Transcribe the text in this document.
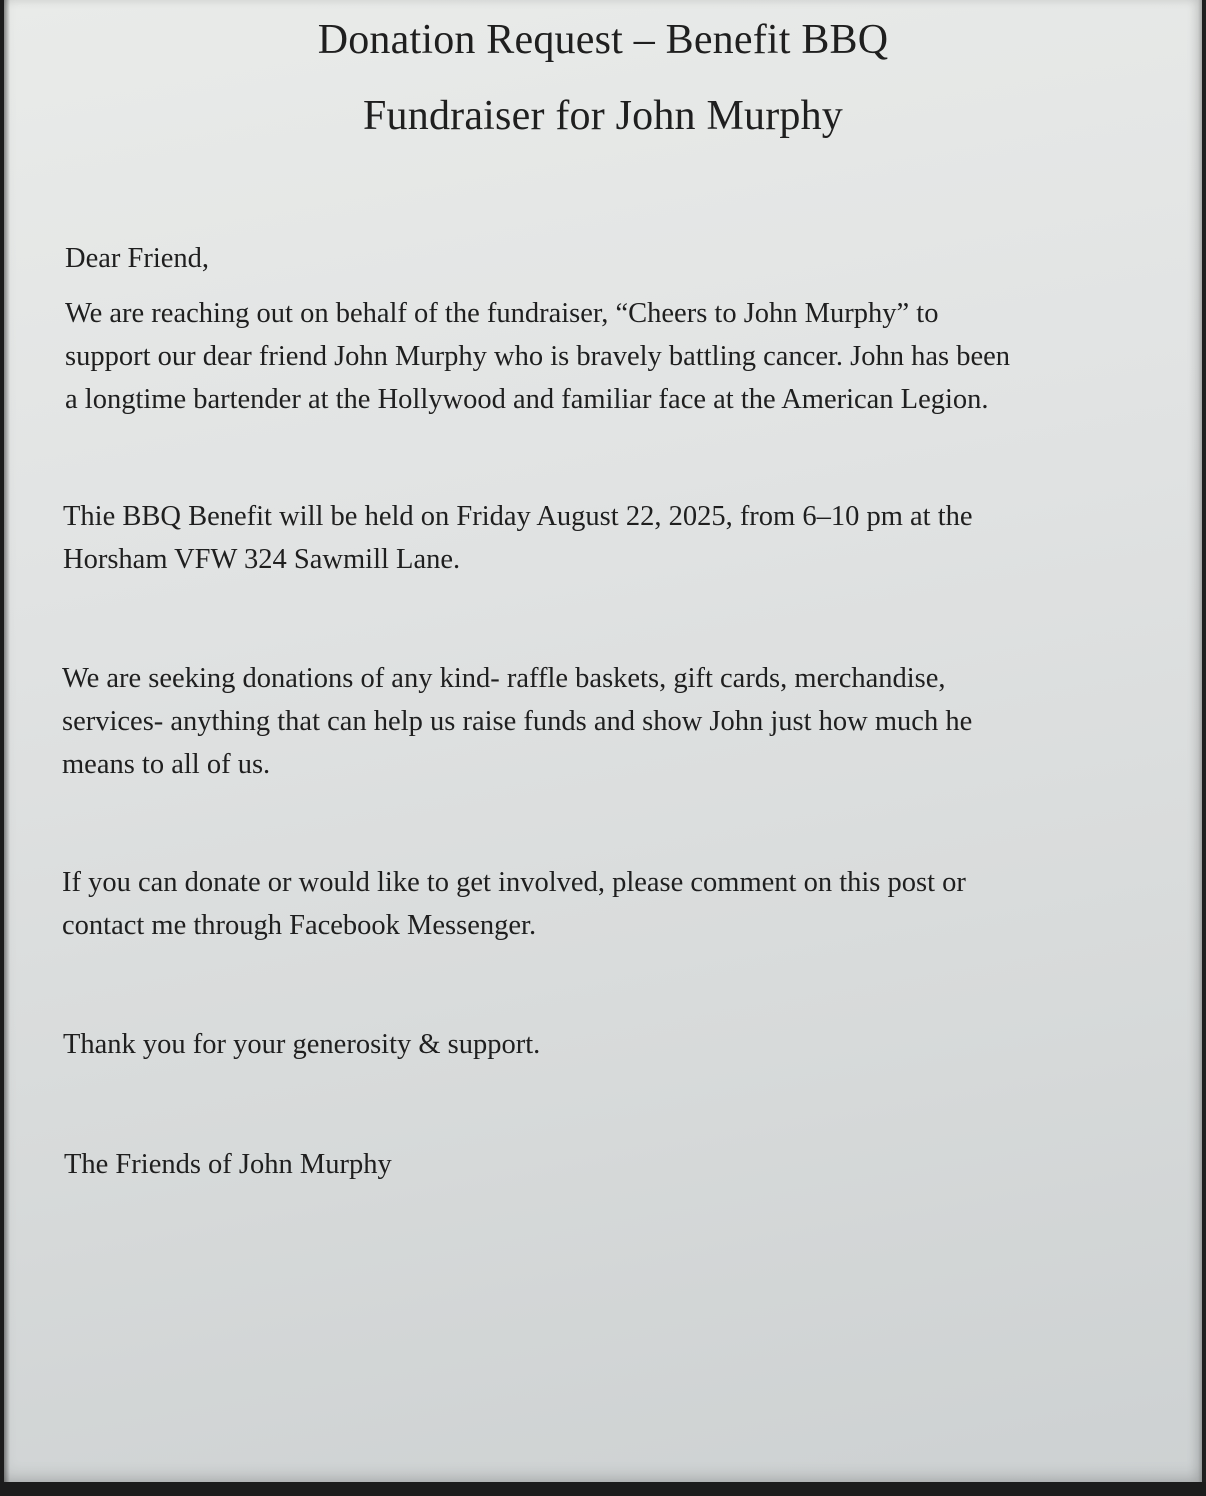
Donation Request – Benefit BBQ
Fundraiser for John Murphy
Dear Friend,
We are reaching out on behalf of the fundraiser, “Cheers to John Murphy” to
support our dear friend John Murphy who is bravely battling cancer. John has been
a longtime bartender at the Hollywood and familiar face at the American Legion.
Thie BBQ Benefit will be held on Friday August 22, 2025, from 6–10 pm at the
Horsham VFW 324 Sawmill Lane.
We are seeking donations of any kind- raffle baskets, gift cards, merchandise,
services- anything that can help us raise funds and show John just how much he
means to all of us.
If you can donate or would like to get involved, please comment on this post or
contact me through Facebook Messenger.
Thank you for your generosity & support.
The Friends of John Murphy
